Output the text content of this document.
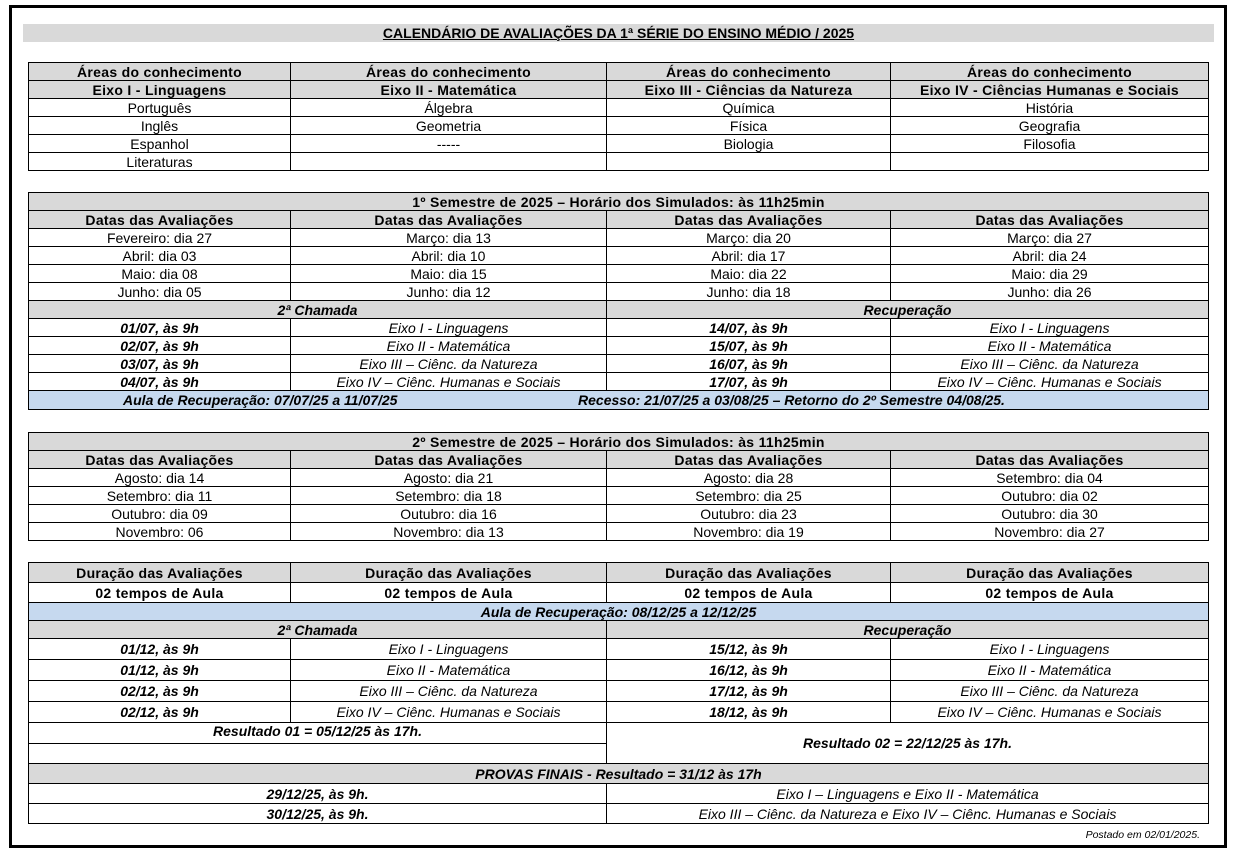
CALENDÁRIO DE AVALIAÇÕES DA 1ª SÉRIE DO ENSINO MÉDIO / 2025
Áreas do conhecimento	Áreas do conhecimento	Áreas do conhecimento	Áreas do conhecimento
Eixo I - Linguagens	Eixo II - Matemática	Eixo III - Ciências da Natureza	Eixo IV - Ciências Humanas e Sociais
Português	Álgebra	Química	História
Inglês	Geometria	Física	Geografia
Espanhol	-----	Biologia	Filosofia
Literaturas			
1º Semestre de 2025 – Horário dos Simulados: às 11h25min			
Datas das Avaliações	Datas das Avaliações	Datas das Avaliações	Datas das Avaliações
Fevereiro: dia 27	Março: dia 13	Março: dia 20	Março: dia 27
Abril: dia 03	Abril: dia 10	Abril: dia 17	Abril: dia 24
Maio: dia 08	Maio: dia 15	Maio: dia 22	Maio: dia 29
Junho: dia 05	Junho: dia 12	Junho: dia 18	Junho: dia 26
2ª Chamada		Recuperação	
01/07, às 9h	Eixo I - Linguagens	14/07, às 9h	Eixo I - Linguagens
02/07, às 9h	Eixo II - Matemática	15/07, às 9h	Eixo II - Matemática
03/07, às 9h	Eixo III – Ciênc. da Natureza	16/07, às 9h	Eixo III – Ciênc. da Natureza
04/07, às 9h	Eixo IV – Ciênc. Humanas e Sociais	17/07, às 9h	Eixo IV – Ciênc. Humanas e Sociais
Aula de Recuperação: 07/07/25 a 11/07/25 Recesso: 21/07/25 a 03/08/25 – Retorno do 2º Semestre 04/08/25.			
2º Semestre de 2025 – Horário dos Simulados: às 11h25min			
Datas das Avaliações	Datas das Avaliações	Datas das Avaliações	Datas das Avaliações
Agosto: dia 14	Agosto: dia 21	Agosto: dia 28	Setembro: dia 04
Setembro: dia 11	Setembro: dia 18	Setembro: dia 25	Outubro: dia 02
Outubro: dia 09	Outubro: dia 16	Outubro: dia 23	Outubro: dia 30
Novembro: 06	Novembro: dia 13	Novembro: dia 19	Novembro: dia 27
Duração das Avaliações	Duração das Avaliações	Duração das Avaliações	Duração das Avaliações
02 tempos de Aula	02 tempos de Aula	02 tempos de Aula	02 tempos de Aula
Aula de Recuperação: 08/12/25 a 12/12/25			
2ª Chamada		Recuperação	
01/12, às 9h	Eixo I - Linguagens	15/12, às 9h	Eixo I - Linguagens
01/12, às 9h	Eixo II - Matemática	16/12, às 9h	Eixo II - Matemática
02/12, às 9h	Eixo III – Ciênc. da Natureza	17/12, às 9h	Eixo III – Ciênc. da Natureza
02/12, às 9h	Eixo IV – Ciênc. Humanas e Sociais	18/12, às 9h	Eixo IV – Ciênc. Humanas e Sociais
Resultado 01 = 05/12/25 às 17h.		Resultado 02 = 22/12/25 às 17h.	

PROVAS FINAIS - Resultado = 31/12 às 17h			
29/12/25, às 9h.		Eixo I – Linguagens e Eixo II - Matemática	
30/12/25, às 9h.		Eixo III – Ciênc. da Natureza e Eixo IV – Ciênc. Humanas e Sociais	
Postado em 02/01/2025.
